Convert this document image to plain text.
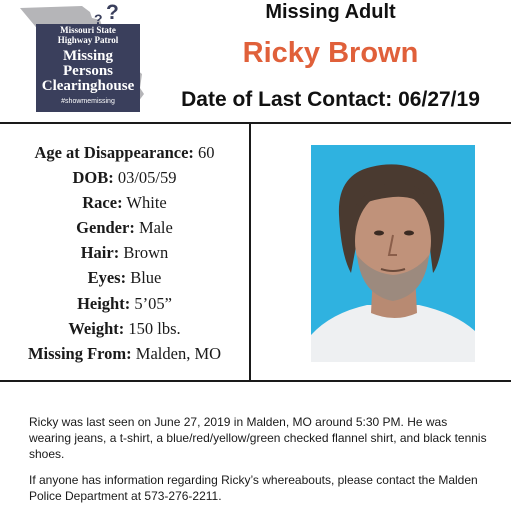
? ?
Missouri State
Highway Patrol
Missing
Persons
Clearinghouse
#showmemissing
Missing Adult
Ricky Brown
Date of Last Contact: 06/27/19
Age at Disappearance: 60
DOB: 03/05/59
Race: White
Gender: Male
Hair: Brown
Eyes: Blue
Height: 5’05”
Weight: 150 lbs.
Missing From: Malden, MO
Ricky was last seen on June 27, 2019 in Malden, MO around 5:30 PM. He was wearing jeans, a t-shirt, a blue/red/yellow/green checked flannel shirt, and black tennis shoes.
If anyone has information regarding Ricky’s whereabouts, please contact the Malden Police Department at 573-276-2211.
